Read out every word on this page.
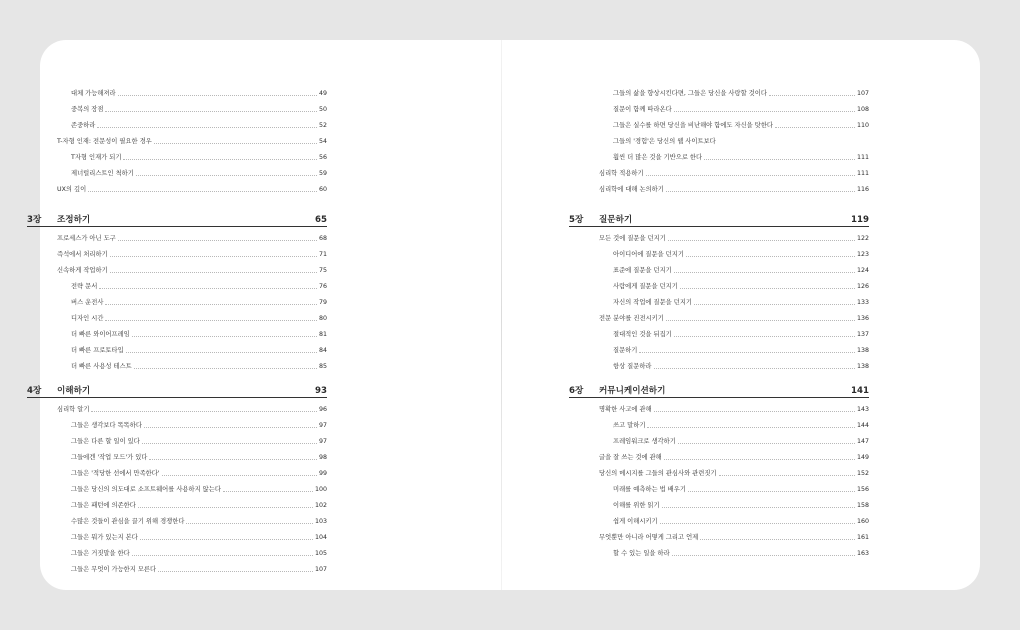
대체 가능해져라	49
중복의 장점	50
존중하라	52
T-자형 인재: 전문성이 필요한 경우	54
T자형 인재가 되기	56
제너럴리스트인 척하기	59
UX의 깊이	60
3장	조정하기	65
프로세스가 아닌 도구	68
즉석에서 처리하기	71
신속하게 작업하기	75
전략 문서	76
버스 운전사	79
디자인 시간	80
더 빠른 와이어프레임	81
더 빠른 프로토타입	84
더 빠른 사용성 테스트	85
4장	이해하기	93
심리학 알기	96
그들은 생각보다 똑똑하다	97
그들은 다른 할 일이 있다	97
그들에겐 '작업 모드'가 있다	98
그들은 '적당한 선에서 만족한다'	99
그들은 당신의 의도대로 소프트웨어를 사용하지 않는다	100
그들은 패턴에 의존한다	102
수많은 것들이 관심을 끌기 위해 경쟁한다	103
그들은 뭐가 있는지 본다	104
그들은 거짓말을 한다	105
그들은 무엇이 가능한지 모른다	107
그들의 삶을 향상시킨다면, 그들은 당신을 사랑할 것이다	107
질문이 함께 따라온다	108
그들은 실수를 하면 당신을 비난해야 함에도 자신을 탓한다	110
그들의 '경험'은 당신의 웹 사이트보다
훨씬 더 많은 것을 기반으로 한다	111
심리학 적용하기	111
심리학에 대해 논의하기	116
5장	질문하기	119
모든 것에 질문을 던지기	122
아이디어에 질문을 던지기	123
표준에 질문을 던지기	124
사람에게 질문을 던지기	126
자신의 작업에 질문을 던지기	133
전문 분야를 진전시키기	136
절대적인 것을 뒤집기	137
질문하기	138
항상 질문하라	138
6장	커뮤니케이션하기	141
명확한 사고에 관해	143
쓰고 말하기	144
프레임워크로 생각하기	147
글을 잘 쓰는 것에 관해	149
당신의 메시지를 그들의 관심사와 관련짓기	152
미래를 예측하는 법 배우기	156
이해를 위한 읽기	158
쉽게 이해시키기	160
무엇뿐만 아니라 어떻게 그리고 언제	161
할 수 있는 일을 하라	163
